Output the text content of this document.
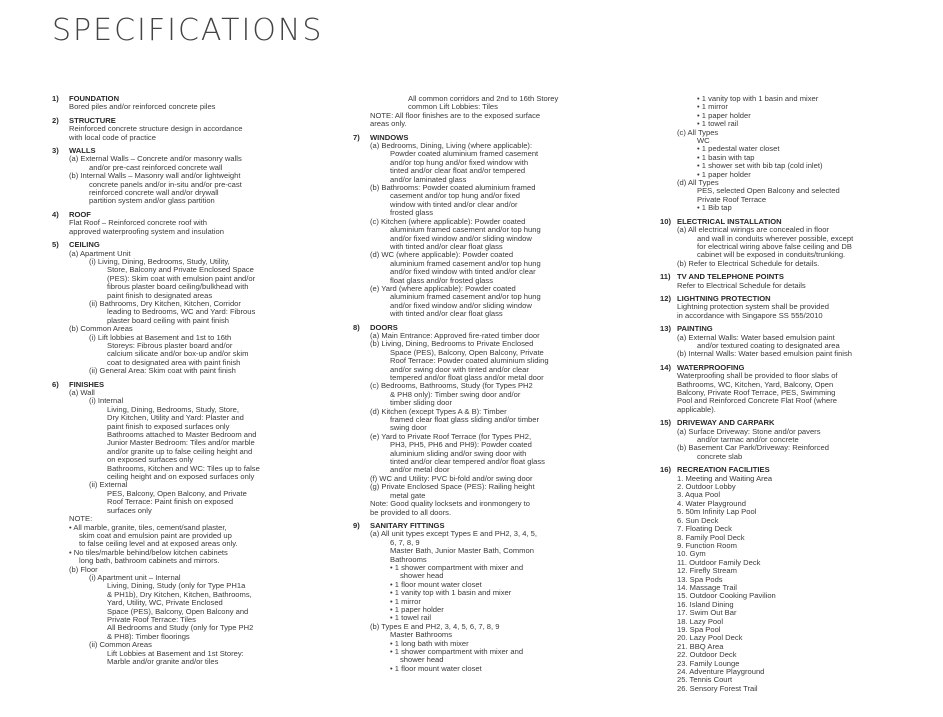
SPECIFICATIONS
1)	FOUNDATION
Bored piles and/or reinforced concrete piles
2)	STRUCTURE
Reinforced concrete structure design in accordance
with local code of practice
3)	WALLS
(a) External Walls – Concrete and/or masonry walls
and/or pre-cast reinforced concrete wall
(b) Internal Walls – Masonry wall and/or lightweight
concrete panels and/or in-situ and/or pre-cast
reinforced concrete wall and/or drywall
partition system and/or glass partition
4)	ROOF
Flat Roof – Reinforced concrete roof with
approved waterproofing system and insulation
5)	CEILING
(a) Apartment Unit
(i) Living, Dining, Bedrooms, Study, Utility,
Store, Balcony and Private Enclosed Space
(PES): Skim coat with emulsion paint and/or
fibrous plaster board ceiling/bulkhead with
paint finish to designated areas
(ii) Bathrooms, Dry Kitchen, Kitchen, Corridor
leading to Bedrooms, WC and Yard: Fibrous
plaster board ceiling with paint finish
(b) Common Areas
(i) Lift lobbies at Basement and 1st to 16th
Storeys: Fibrous plaster board and/or
calcium silicate and/or box-up and/or skim
coat to designated area with paint finish
(ii) General Area: Skim coat with paint finish
6)	FINISHES
(a) Wall
(i) Internal
Living, Dining, Bedrooms, Study, Store,
Dry Kitchen, Utility and Yard: Plaster and
paint finish to exposed surfaces only
Bathrooms attached to Master Bedroom and
Junior Master Bedroom: Tiles and/or marble
and/or granite up to false ceiling height and
on exposed surfaces only
Bathrooms, Kitchen and WC: Tiles up to false
ceiling height and on exposed surfaces only
(ii) External
PES, Balcony, Open Balcony, and Private
Roof Terrace: Paint finish on exposed
surfaces only
NOTE:
• All marble, granite, tiles, cement/sand plaster,
skim coat and emulsion paint are provided up
to false ceiling level and at exposed areas only.
• No tiles/marble behind/below kitchen cabinets
long bath, bathroom cabinets and mirrors.
(b) Floor
(i) Apartment unit – Internal
Living, Dining, Study (only for Type PH1a
& PH1b), Dry Kitchen, Kitchen, Bathrooms,
Yard, Utility, WC, Private Enclosed
Space (PES), Balcony, Open Balcony and
Private Roof Terrace: Tiles
All Bedrooms and Study (only for Type PH2
& PH8): Timber floorings
(ii) Common Areas
Lift Lobbies at Basement and 1st Storey:
Marble and/or granite and/or tiles
All common corridors and 2nd to 16th Storey
common Lift Lobbies: Tiles
NOTE: All floor finishes are to the exposed surface
areas only.
7)	WINDOWS
(a) Bedrooms, Dining, Living (where applicable):
Powder coated aluminium framed casement
and/or top hung and/or fixed window with
tinted and/or clear float and/or tempered
and/or laminated glass
(b) Bathrooms: Powder coated aluminium framed
casement and/or top hung and/or fixed
window with tinted and/or clear and/or
frosted glass
(c) Kitchen (where applicable): Powder coated
aluminium framed casement and/or top hung
and/or fixed window and/or sliding window
with tinted and/or clear float glass
(d) WC (where applicable): Powder coated
aluminium framed casement and/or top hung
and/or fixed window with tinted and/or clear
float glass and/or frosted glass
(e) Yard (where applicable): Powder coated
aluminium framed casement and/or top hung
and/or fixed window and/or sliding window
with tinted and/or clear float glass
8)	DOORS
(a) Main Entrance: Approved fire-rated timber door
(b) Living, Dining, Bedrooms to Private Enclosed
Space (PES), Balcony, Open Balcony, Private
Roof Terrace: Powder coated aluminium sliding
and/or swing door with tinted and/or clear
tempered and/or float glass and/or metal door
(c) Bedrooms, Bathrooms, Study (for Types PH2
& PH8 only): Timber swing door and/or
timber sliding door
(d) Kitchen (except Types A & B): Timber
framed clear float glass sliding and/or timber
swing door
(e) Yard to Private Roof Terrace (for Types PH2,
PH3, PH5, PH6 and PH9): Powder coated
aluminium sliding and/or swing door with
tinted and/or clear tempered and/or float glass
and/or metal door
(f) WC and Utility: PVC bi-fold and/or swing door
(g) Private Enclosed Space (PES): Railing height
metal gate
Note: Good quality locksets and ironmongery to
be provided to all doors.
9)	SANITARY FITTINGS
(a) All unit types except Types E and PH2, 3, 4, 5,
6, 7, 8, 9
Master Bath, Junior Master Bath, Common
Bathrooms
• 1 shower compartment with mixer and
shower head
• 1 floor mount water closet
• 1 vanity top with 1 basin and mixer
• 1 mirror
• 1 paper holder
• 1 towel rail
(b) Types E and PH2, 3, 4, 5, 6, 7, 8, 9
Master Bathrooms
• 1 long bath with mixer
• 1 shower compartment with mixer and
shower head
• 1 floor mount water closet
• 1 vanity top with 1 basin and mixer
• 1 mirror
• 1 paper holder
• 1 towel rail
(c) All Types
WC
• 1 pedestal water closet
• 1 basin with tap
• 1 shower set with bib tap (cold inlet)
• 1 paper holder
(d) All Types
PES, selected Open Balcony and selected
Private Roof Terrace
• 1 Bib tap
10) ELECTRICAL INSTALLATION
(a) All electrical wirings are concealed in floor
and wall in conduits wherever possible, except
for electrical wiring above false ceiling and DB
cabinet will be exposed in conduits/trunking.
(b) Refer to Electrical Schedule for details.
11) TV AND TELEPHONE POINTS
Refer to Electrical Schedule for details
12) LIGHTNING PROTECTION
Lightning protection system shall be provided
in accordance with Singapore SS 555/2010
13) PAINTING
(a) External Walls: Water based emulsion paint
and/or textured coating to designated area
(b) Internal Walls: Water based emulsion paint finish
14) WATERPROOFING
Waterproofing shall be provided to floor slabs of
Bathrooms, WC, Kitchen, Yard, Balcony, Open
Balcony, Private Roof Terrace, PES, Swimming
Pool and Reinforced Concrete Flat Roof (where
applicable).
15) DRIVEWAY AND CARPARK
(a) Surface Driveway: Stone and/or pavers
and/or tarmac and/or concrete
(b) Basement Car Park/Driveway: Reinforced
concrete slab
16) RECREATION FACILITIES
1. Meeting and Waiting Area
2. Outdoor Lobby
3. Aqua Pool
4. Water Playground
5. 50m Infinity Lap Pool
6. Sun Deck
7. Floating Deck
8. Family Pool Deck
9. Function Room
10. Gym
11. Outdoor Family Deck
12. Firefly Stream
13. Spa Pods
14. Massage Trail
15. Outdoor Cooking Pavilion
16. Island Dining
17. Swim Out Bar
18. Lazy Pool
19. Spa Pool
20. Lazy Pool Deck
21. BBQ Area
22. Outdoor Deck
23. Family Lounge
24. Adventure Playground
25. Tennis Court
26. Sensory Forest Trail
